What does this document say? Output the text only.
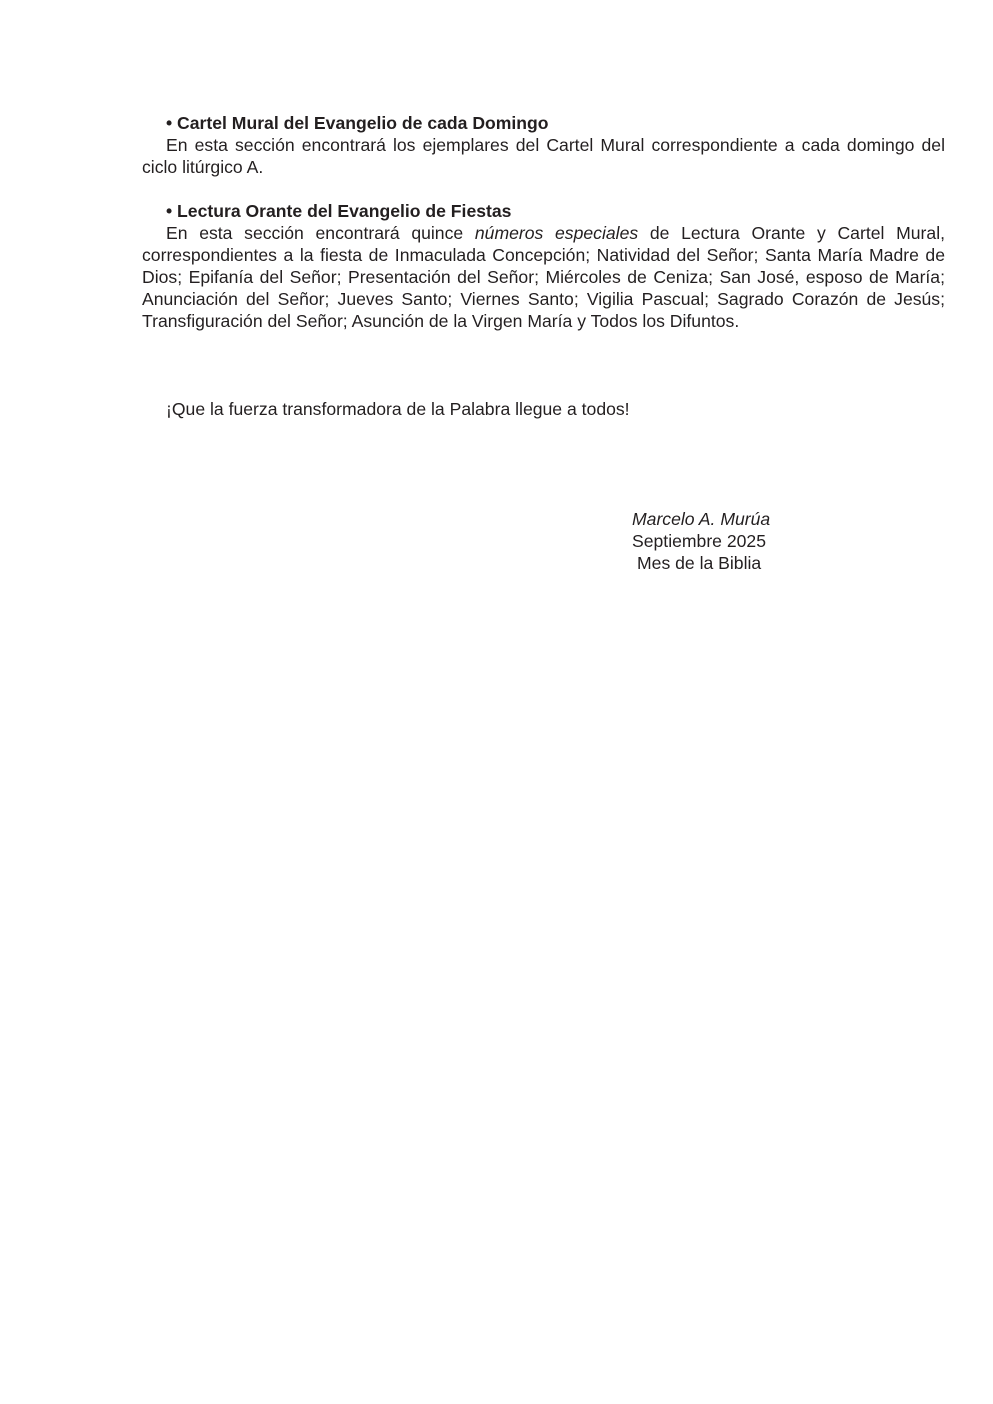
• Cartel Mural del Evangelio de cada Domingo

En esta sección encontrará los ejemplares del Cartel Mural correspondiente a cada domingo del ciclo litúrgico A.

• Lectura Orante del Evangelio de Fiestas

En esta sección encontrará quince números especiales de Lectura Orante y Cartel Mural, correspondientes a la fiesta de Inmaculada Concepción; Natividad del Señor; Santa María Madre de Dios; Epifanía del Señor; Presentación del Señor; Miércoles de Ceniza; San José, esposo de María; Anunciación del Señor; Jueves Santo; Viernes Santo; Vigilia Pascual; Sagrado Corazón de Jesús; Transfiguración del Señor; Asunción de la Virgen María y Todos los Difuntos.

¡Que la fuerza transformadora de la Palabra llegue a todos!

Marcelo A. Murúa

Septiembre 2025

Mes de la Biblia
